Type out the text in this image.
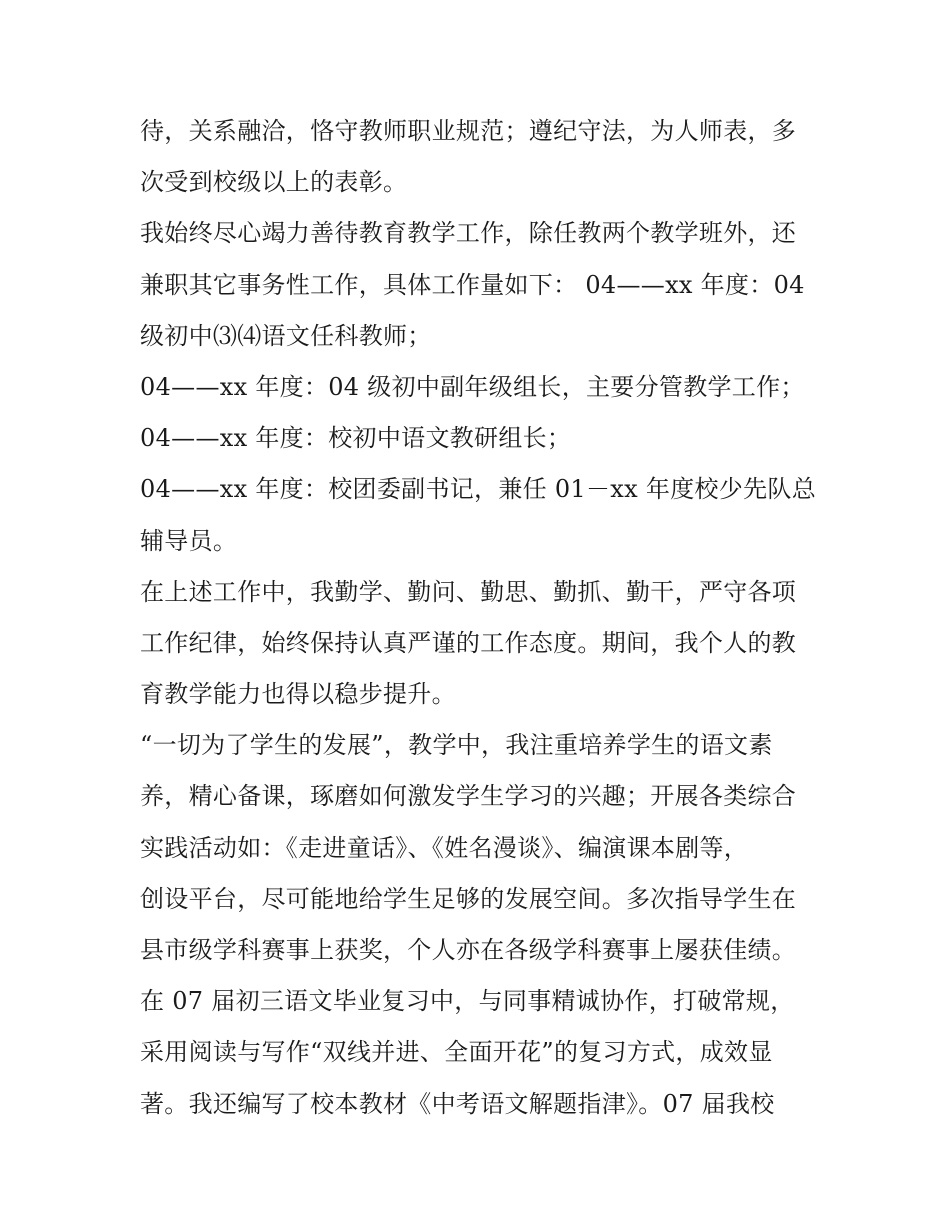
待，关系融洽，恪守教师职业规范；遵纪守法，为人师表，多
次受到校级以上的表彰。
我始终尽心竭力善待教育教学工作，除任教两个教学班外，还
兼职其它事务性工作，具体工作量如下： 04——xx 年度：04
级初中⑶⑷语文任科教师；
04——xx 年度：04 级初中副年级组长，主要分管教学工作；
04——xx 年度：校初中语文教研组长；
04——xx 年度：校团委副书记，兼任 01－xx 年度校少先队总
辅导员。
在上述工作中，我勤学、勤问、勤思、勤抓、勤干，严守各项
工作纪律，始终保持认真严谨的工作态度。期间，我个人的教
育教学能力也得以稳步提升。
“一切为了学生的发展”，教学中，我注重培养学生的语文素
养，精心备课，琢磨如何激发学生学习的兴趣；开展各类综合
实践活动如：《走进童话》、《姓名漫谈》、编演课本剧等，
创设平台，尽可能地给学生足够的发展空间。多次指导学生在
县市级学科赛事上获奖，个人亦在各级学科赛事上屡获佳绩。
在 07 届初三语文毕业复习中，与同事精诚协作，打破常规，
采用阅读与写作“双线并进、全面开花”的复习方式，成效显
著。我还编写了校本教材《中考语文解题指津》。07 届我校
